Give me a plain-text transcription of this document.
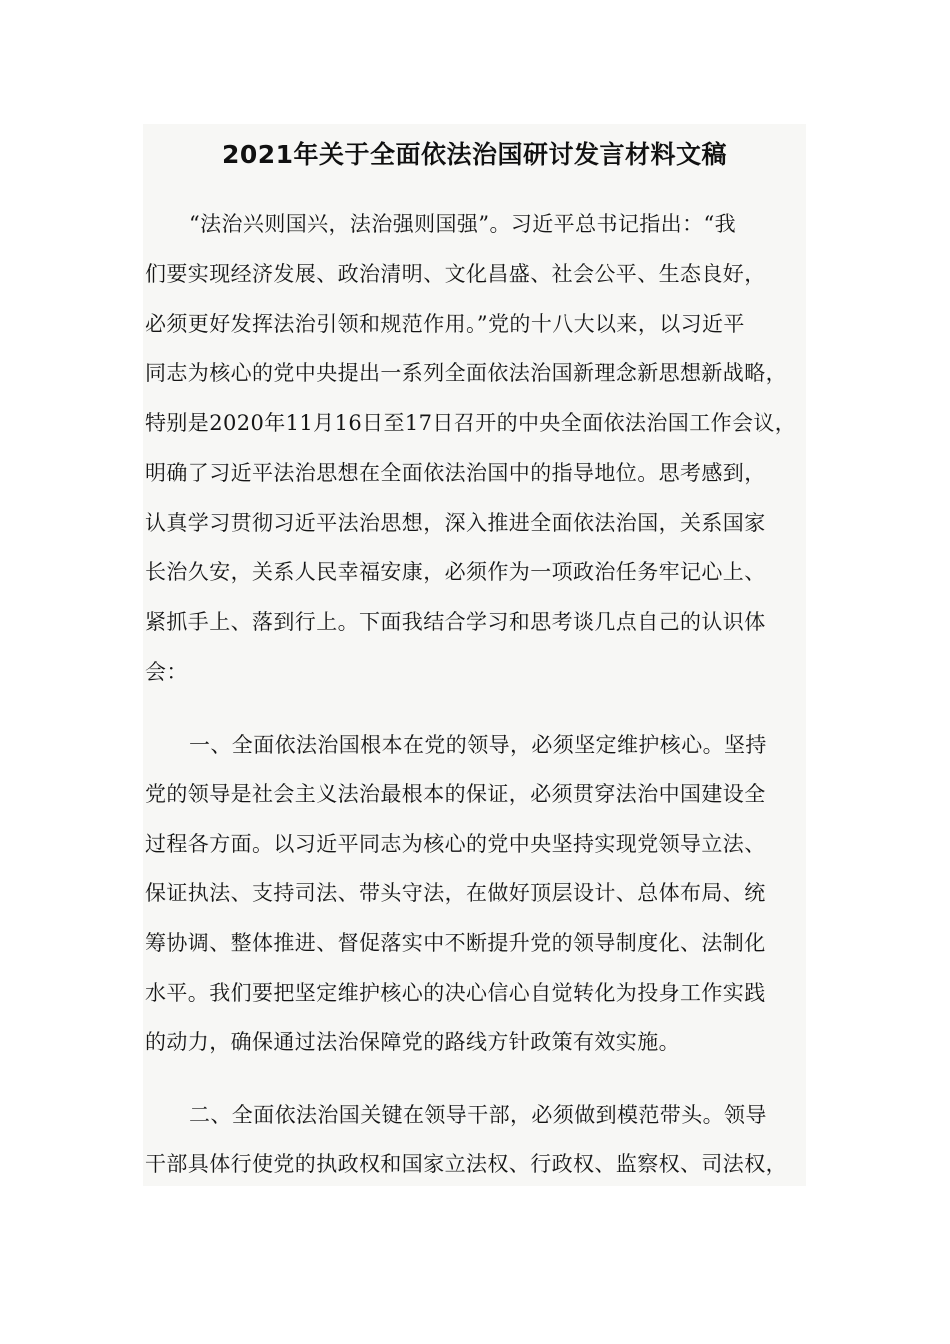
2021年关于全面依法治国研讨发言材料文稿
“法治兴则国兴，法治强则国强”。习近平总书记指出：“我
们要实现经济发展、政治清明、文化昌盛、社会公平、生态良好，
必须更好发挥法治引领和规范作用。”党的十八大以来，以习近平
同志为核心的党中央提出一系列全面依法治国新理念新思想新战略，
特别是2020年11月16日至17日召开的中央全面依法治国工作会议，
明确了习近平法治思想在全面依法治国中的指导地位。思考感到，
认真学习贯彻习近平法治思想，深入推进全面依法治国，关系国家
长治久安，关系人民幸福安康，必须作为一项政治任务牢记心上、
紧抓手上、落到行上。下面我结合学习和思考谈几点自己的认识体
会：
一、全面依法治国根本在党的领导，必须坚定维护核心。坚持
党的领导是社会主义法治最根本的保证，必须贯穿法治中国建设全
过程各方面。以习近平同志为核心的党中央坚持实现党领导立法、
保证执法、支持司法、带头守法，在做好顶层设计、总体布局、统
筹协调、整体推进、督促落实中不断提升党的领导制度化、法制化
水平。我们要把坚定维护核心的决心信心自觉转化为投身工作实践
的动力，确保通过法治保障党的路线方针政策有效实施。
二、全面依法治国关键在领导干部，必须做到模范带头。领导
干部具体行使党的执政权和国家立法权、行政权、监察权、司法权，
